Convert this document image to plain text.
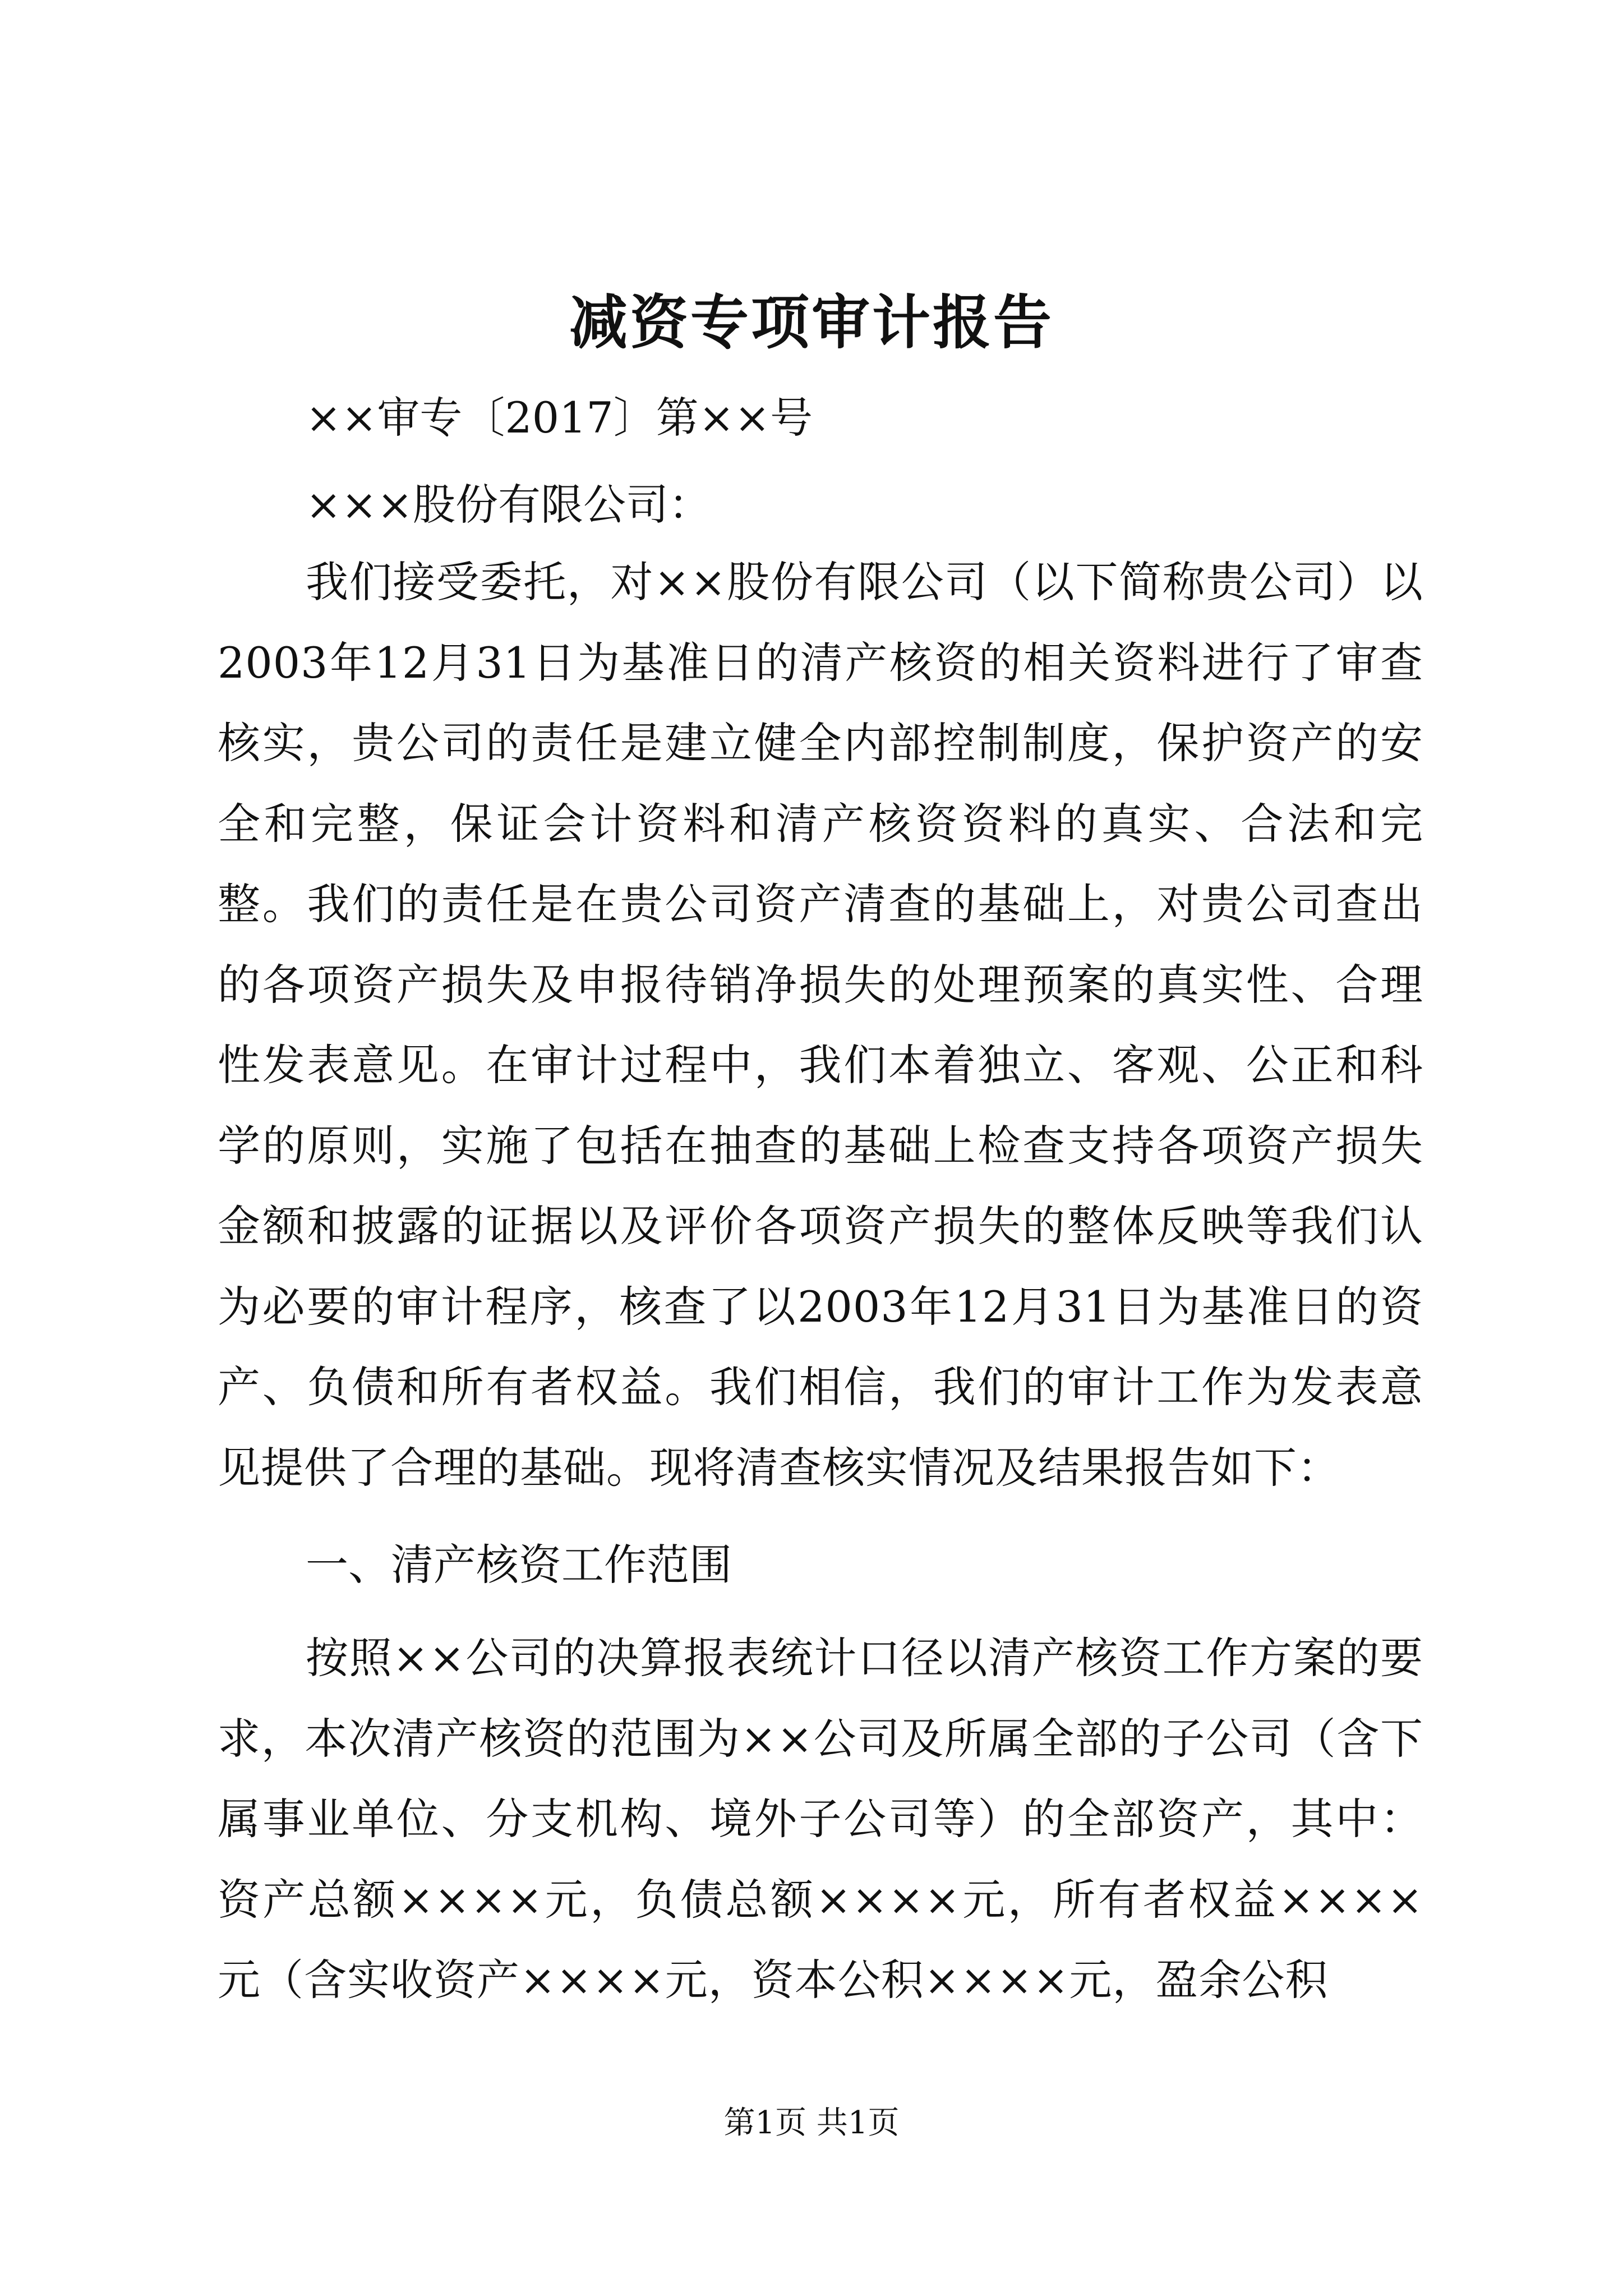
减资专项审计报告
××审专〔2017〕第××号
×××股份有限公司：

我们接受委托，对××股份有限公司（以下简称贵公司）以2003年12月31日为基准日的清产核资的相关资料进行了审查核实，贵公司的责任是建立健全内部控制制度，保护资产的安全和完整，保证会计资料和清产核资资料的真实、合法和完整。我们的责任是在贵公司资产清查的基础上，对贵公司查出的各项资产损失及申报待销净损失的处理预案的真实性、合理性发表意见。在审计过程中，我们本着独立、客观、公正和科学的原则，实施了包括在抽查的基础上检查支持各项资产损失金额和披露的证据以及评价各项资产损失的整体反映等我们认为必要的审计程序，核查了以2003年12月31日为基准日的资产、负债和所有者权益。我们相信，我们的审计工作为发表意见提供了合理的基础。现将清查核实情况及结果报告如下：

一、清产核资工作范围

按照××公司的决算报表统计口径以清产核资工作方案的要求，本次清产核资的范围为××公司及所属全部的子公司（含下属事业单位、分支机构、境外子公司等）的全部资产，其中：资产总额××××元，负债总额××××元，所有者权益××××元（含实收资产××××元，资本公积××××元，盈余公积

第1页 共1页
